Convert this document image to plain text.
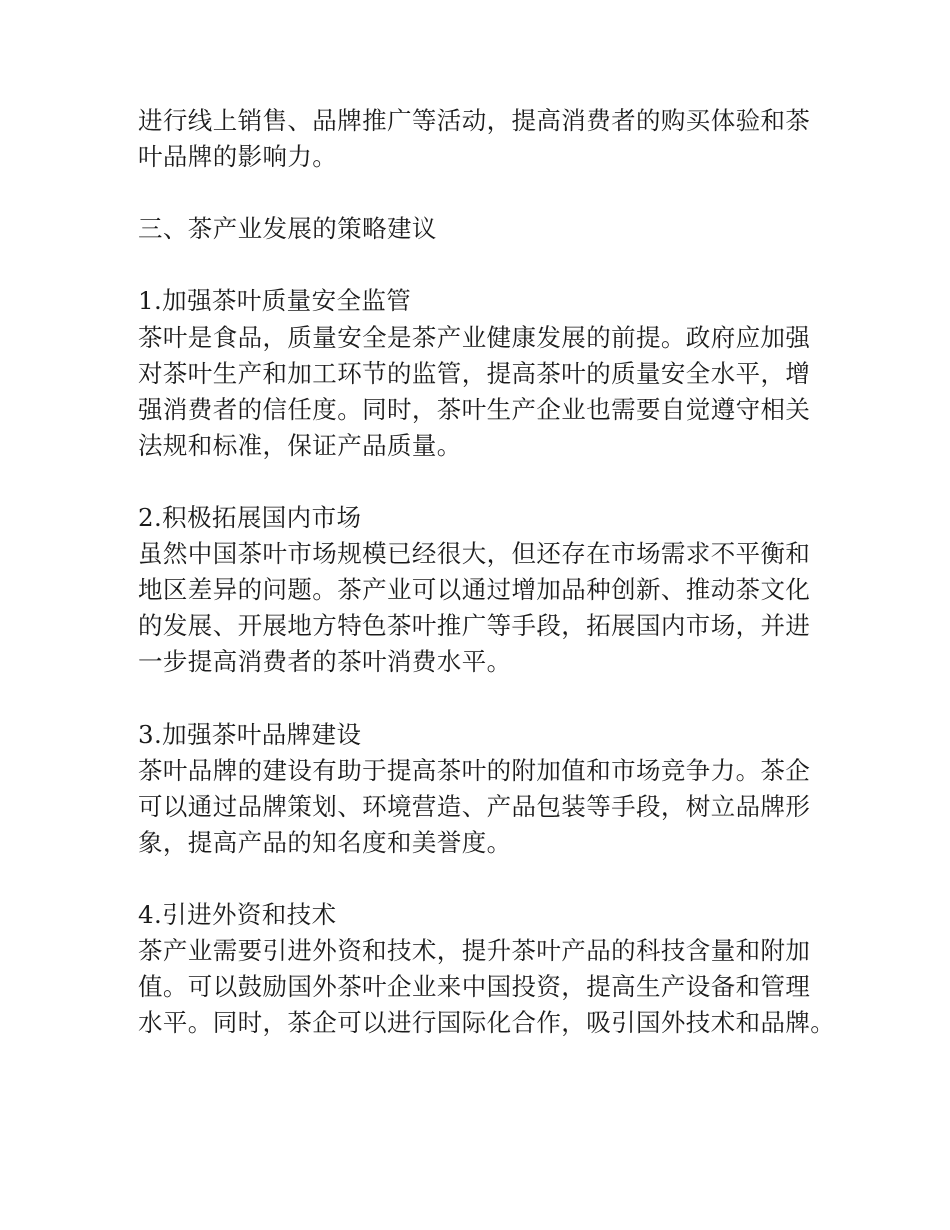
进行线上销售、品牌推广等活动，提高消费者的购买体验和茶
叶品牌的影响力。

三、茶产业发展的策略建议

1.加强茶叶质量安全监管
茶叶是食品，质量安全是茶产业健康发展的前提。政府应加强
对茶叶生产和加工环节的监管，提高茶叶的质量安全水平，增
强消费者的信任度。同时，茶叶生产企业也需要自觉遵守相关
法规和标准，保证产品质量。

2.积极拓展国内市场
虽然中国茶叶市场规模已经很大，但还存在市场需求不平衡和
地区差异的问题。茶产业可以通过增加品种创新、推动茶文化
的发展、开展地方特色茶叶推广等手段，拓展国内市场，并进
一步提高消费者的茶叶消费水平。

3.加强茶叶品牌建设
茶叶品牌的建设有助于提高茶叶的附加值和市场竞争力。茶企
可以通过品牌策划、环境营造、产品包装等手段，树立品牌形
象，提高产品的知名度和美誉度。

4.引进外资和技术
茶产业需要引进外资和技术，提升茶叶产品的科技含量和附加
值。可以鼓励国外茶叶企业来中国投资，提高生产设备和管理
水平。同时，茶企可以进行国际化合作，吸引国外技术和品牌。
